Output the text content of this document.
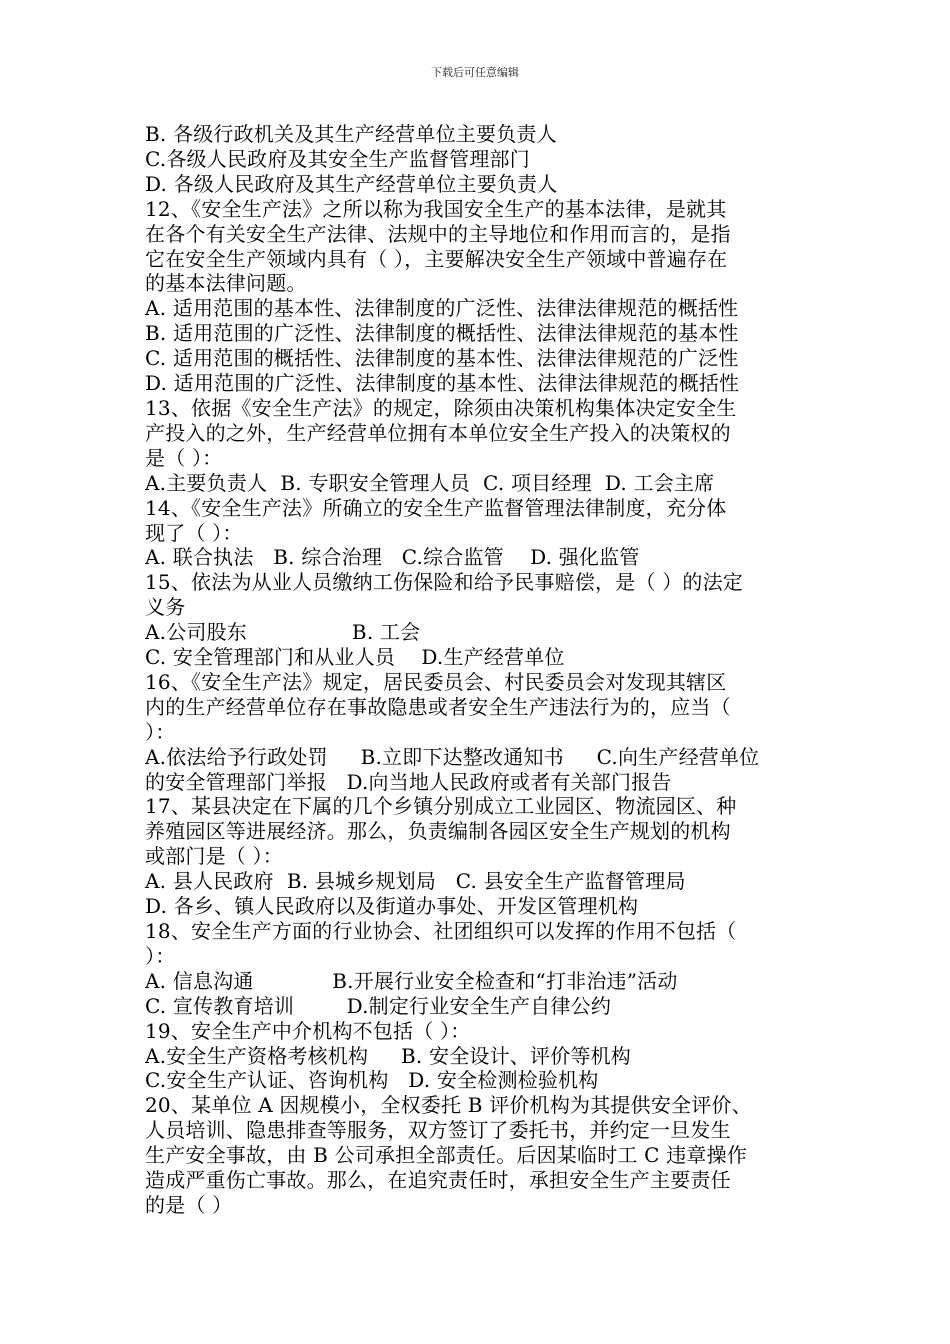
下载后可任意编辑
B. 各级行政机关及其生产经营单位主要负责人
C.各级人民政府及其安全生产监督管理部门
D. 各级人民政府及其生产经营单位主要负责人
12、《安全生产法》之所以称为我国安全生产的基本法律，是就其
在各个有关安全生产法律、法规中的主导地位和作用而言的，是指
它在安全生产领域内具有（ ），主要解决安全生产领域中普遍存在
的基本法律问题。
A. 适用范围的基本性、法律制度的广泛性、法律法律规范的概括性
B. 适用范围的广泛性、法律制度的概括性、法律法律规范的基本性
C. 适用范围的概括性、法律制度的基本性、法律法律规范的广泛性
D. 适用范围的广泛性、法律制度的基本性、法律法律规范的概括性
13、依据《安全生产法》的规定，除须由决策机构集体决定安全生
产投入的之外，生产经营单位拥有本单位安全生产投入的决策权的
是（ ）：
A.主要负责人  B. 专职安全管理人员  C. 项目经理  D. 工会主席
14、《安全生产法》所确立的安全生产监督管理法律制度，充分体
现了（ ）：
A. 联合执法   B. 综合治理   C.综合监管    D. 强化监管
15、依法为从业人员缴纳工伤保险和给予民事赔偿，是（ ）的法定
义务
A.公司股东                B. 工会
C. 安全管理部门和从业人员    D.生产经营单位
16、《安全生产法》规定，居民委员会、村民委员会对发现其辖区
内的生产经营单位存在事故隐患或者安全生产违法行为的，应当（
）：
A.依法给予行政处罚     B.立即下达整改通知书     C.向生产经营单位
的安全管理部门举报   D.向当地人民政府或者有关部门报告
17、某县决定在下属的几个乡镇分别成立工业园区、物流园区、种
养殖园区等进展经济。那么，负责编制各园区安全生产规划的机构
或部门是（ ）：
A. 县人民政府  B. 县城乡规划局   C. 县安全生产监督管理局
D. 各乡、镇人民政府以及街道办事处、开发区管理机构
18、安全生产方面的行业协会、社团组织可以发挥的作用不包括（
）：
A. 信息沟通            B.开展行业安全检查和“打非治违”活动
C. 宣传教育培训        D.制定行业安全生产自律公约
19、安全生产中介机构不包括（ ）：
A.安全生产资格考核机构     B. 安全设计、评价等机构
C.安全生产认证、咨询机构   D. 安全检测检验机构
20、某单位 A 因规模小，全权委托 B 评价机构为其提供安全评价、
人员培训、隐患排查等服务，双方签订了委托书，并约定一旦发生
生产安全事故，由 B 公司承担全部责任。后因某临时工 C 违章操作
造成严重伤亡事故。那么，在追究责任时，承担安全生产主要责任
的是（ ）
